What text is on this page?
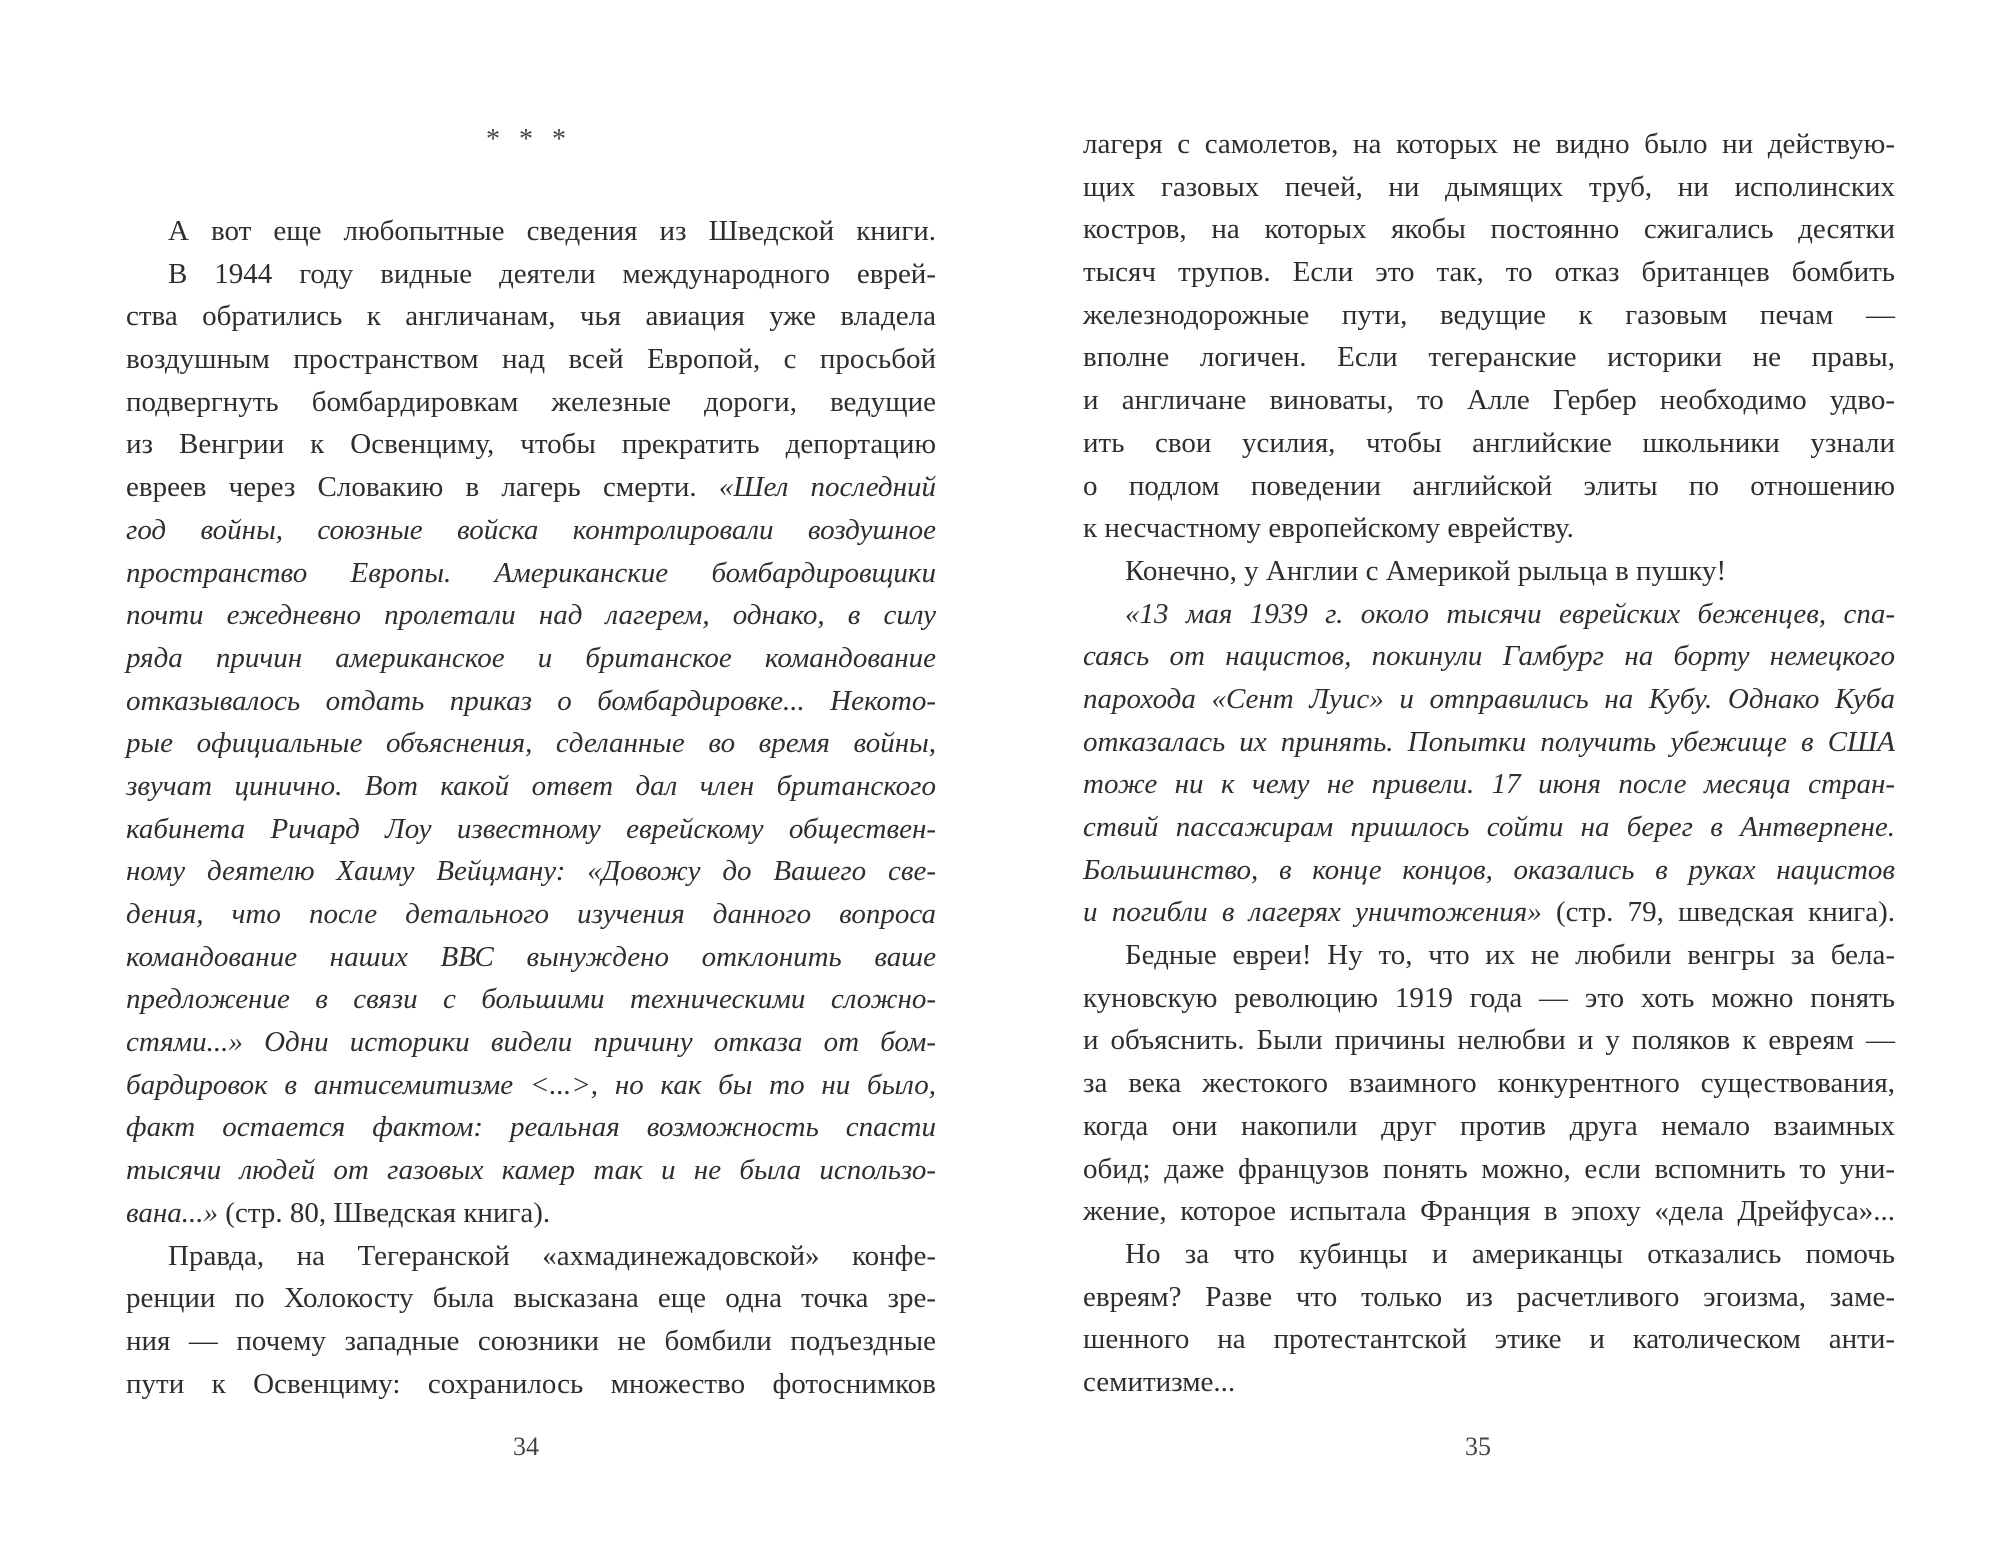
* * *
А вот еще любопытные сведения из Шведской книги.
В 1944 году видные деятели международного еврей-
ства обратились к англичанам, чья авиация уже владела
воздушным пространством над всей Европой, с просьбой
подвергнуть бомбардировкам железные дороги, ведущие
из Венгрии к Освенциму, чтобы прекратить депортацию
евреев через Словакию в лагерь смерти. «Шел последний
год войны, союзные войска контролировали воздушное
пространство Европы. Американские бомбардировщики
почти ежедневно пролетали над лагерем, однако, в силу
ряда причин американское и британское командование
отказывалось отдать приказ о бомбардировке... Некото-
рые официальные объяснения, сделанные во время войны,
звучат цинично. Вот какой ответ дал член британского
кабинета Ричард Лоу известному еврейскому обществен-
ному деятелю Хаиму Вейцману: «Довожу до Вашего све-
дения, что после детального изучения данного вопроса
командование наших ВВС вынуждено отклонить ваше
предложение в связи с большими техническими сложно-
стями...» Одни историки видели причину отказа от бом-
бардировок в антисемитизме <...>, но как бы то ни было,
факт остается фактом: реальная возможность спасти
тысячи людей от газовых камер так и не была использо-
вана...» (стр. 80, Шведская книга).
Правда, на Тегеранской «ахмадинежадовской» конфе-
ренции по Холокосту была высказана еще одна точка зре-
ния — почему западные союзники не бомбили подъездные
пути к Освенциму: сохранилось множество фотоснимков
34
лагеря с самолетов, на которых не видно было ни действую-
щих газовых печей, ни дымящих труб, ни исполинских
костров, на которых якобы постоянно сжигались десятки
тысяч трупов. Если это так, то отказ британцев бомбить
железнодорожные пути, ведущие к газовым печам —
вполне логичен. Если тегеранские историки не правы,
и англичане виноваты, то Алле Гербер необходимо удво-
ить свои усилия, чтобы английские школьники узнали
о подлом поведении английской элиты по отношению
к несчастному европейскому еврейству.
Конечно, у Англии с Америкой рыльца в пушку!
«13 мая 1939 г. около тысячи еврейских беженцев, спа-
саясь от нацистов, покинули Гамбург на борту немецкого
парохода «Сент Луис» и отправились на Кубу. Однако Куба
отказалась их принять. Попытки получить убежище в США
тоже ни к чему не привели. 17 июня после месяца стран-
ствий пассажирам пришлось сойти на берег в Антверпене.
Большинство, в конце концов, оказались в руках нацистов
и погибли в лагерях уничтожения» (стр. 79, шведская книга).
Бедные евреи! Ну то, что их не любили венгры за бела-
куновскую революцию 1919 года — это хоть можно понять
и объяснить. Были причины нелюбви и у поляков к евреям —
за века жестокого взаимного конкурентного существования,
когда они накопили друг против друга немало взаимных
обид; даже французов понять можно, если вспомнить то уни-
жение, которое испытала Франция в эпоху «дела Дрейфуса»...
Но за что кубинцы и американцы отказались помочь
евреям? Разве что только из расчетливого эгоизма, заме-
шенного на протестантской этике и католическом анти-
семитизме...
35
